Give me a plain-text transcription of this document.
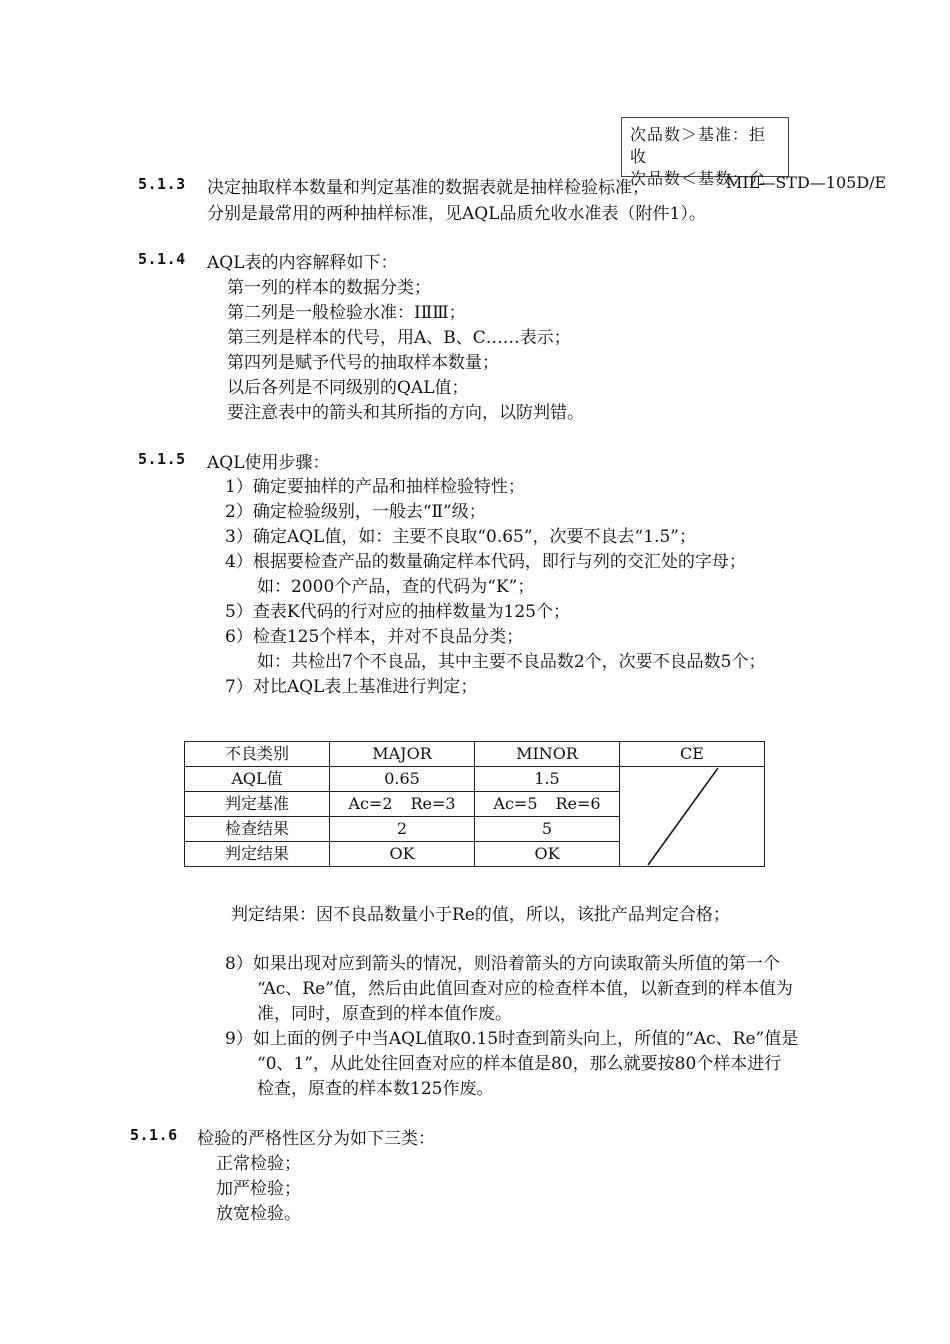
次品数＞基准：拒
收
次品数＜基数：允
5.1.3 决定抽取样本数量和判定基准的数据表就是抽样检验标准；	MIL—STD—105D/E
分别是最常用的两种抽样标准，见AQL品质允收水准表（附件1）。
5.1.4 AQL表的内容解释如下：
第一列的样本的数据分类；
第二列是一般检验水准：ⅠⅡⅢ；
第三列是样本的代号，用A、B、C……表示；
第四列是赋予代号的抽取样本数量；
以后各列是不同级别的QAL值；
要注意表中的箭头和其所指的方向，以防判错。
5.1.5 AQL使用步骤：
1）确定要抽样的产品和抽样检验特性；
2）确定检验级别，一般去“Ⅱ”级；
3）确定AQL值，如：主要不良取“0.65”，次要不良去“1.5”；
4）根据要检查产品的数量确定样本代码，即行与列的交汇处的字母；
如：2000个产品，查的代码为“K”；
5）查表K代码的行对应的抽样数量为125个；
6）检查125个样本，并对不良品分类；
如：共检出7个不良品，其中主要不良品数2个，次要不良品数5个；
7）对比AQL表上基准进行判定；
不良类别	MAJOR	MINOR	CE
AQL值	0.65	1.5	

判定基准	Ac=2 Re=3	Ac=5 Re=6	
检查结果	2	5	
判定结果	OK	OK	
判定结果：因不良品数量小于Re的值，所以，该批产品判定合格；
8）如果出现对应到箭头的情况，则沿着箭头的方向读取箭头所值的第一个
“Ac、Re”值，然后由此值回查对应的检查样本值，以新查到的样本值为
准，同时，原查到的样本值作废。
9）如上面的例子中当AQL值取0.15时查到箭头向上，所值的“Ac、Re”值是
“0、1”，从此处往回查对应的样本值是80，那么就要按80个样本进行
检查，原查的样本数125作废。
5.1.6 检验的严格性区分为如下三类：
正常检验；
加严检验；
放宽检验。
